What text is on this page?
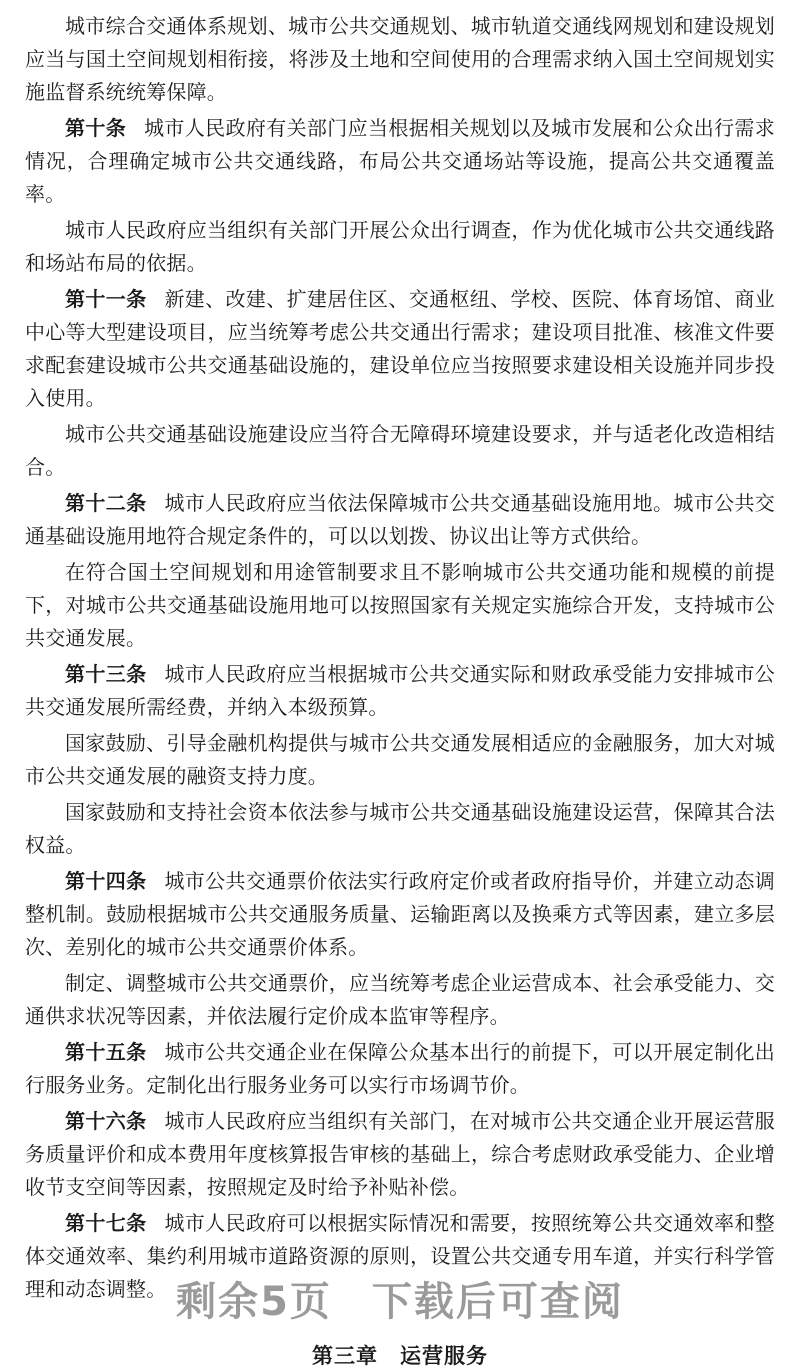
城市综合交通体系规划、城市公共交通规划、城市轨道交通线网规划和建设规划应当与国土空间规划相衔接，将涉及土地和空间使用的合理需求纳入国土空间规划实施监督系统统筹保障。

第十条 城市人民政府有关部门应当根据相关规划以及城市发展和公众出行需求情况，合理确定城市公共交通线路，布局公共交通场站等设施，提高公共交通覆盖率。

城市人民政府应当组织有关部门开展公众出行调查，作为优化城市公共交通线路和场站布局的依据。

第十一条 新建、改建、扩建居住区、交通枢纽、学校、医院、体育场馆、商业中心等大型建设项目，应当统筹考虑公共交通出行需求；建设项目批准、核准文件要求配套建设城市公共交通基础设施的，建设单位应当按照要求建设相关设施并同步投入使用。

城市公共交通基础设施建设应当符合无障碍环境建设要求，并与适老化改造相结合。

第十二条 城市人民政府应当依法保障城市公共交通基础设施用地。城市公共交通基础设施用地符合规定条件的，可以以划拨、协议出让等方式供给。

在符合国土空间规划和用途管制要求且不影响城市公共交通功能和规模的前提下，对城市公共交通基础设施用地可以按照国家有关规定实施综合开发，支持城市公共交通发展。

第十三条 城市人民政府应当根据城市公共交通实际和财政承受能力安排城市公共交通发展所需经费，并纳入本级预算。

国家鼓励、引导金融机构提供与城市公共交通发展相适应的金融服务，加大对城市公共交通发展的融资支持力度。

国家鼓励和支持社会资本依法参与城市公共交通基础设施建设运营，保障其合法权益。

第十四条 城市公共交通票价依法实行政府定价或者政府指导价，并建立动态调整机制。鼓励根据城市公共交通服务质量、运输距离以及换乘方式等因素，建立多层次、差别化的城市公共交通票价体系。

制定、调整城市公共交通票价，应当统筹考虑企业运营成本、社会承受能力、交通供求状况等因素，并依法履行定价成本监审等程序。

第十五条 城市公共交通企业在保障公众基本出行的前提下，可以开展定制化出行服务业务。定制化出行服务业务可以实行市场调节价。

第十六条 城市人民政府应当组织有关部门，在对城市公共交通企业开展运营服务质量评价和成本费用年度核算报告审核的基础上，综合考虑财政承受能力、企业增收节支空间等因素，按照规定及时给予补贴补偿。

第十七条 城市人民政府可以根据实际情况和需要，按照统筹公共交通效率和整体交通效率、集约利用城市道路资源的原则，设置公共交通专用车道，并实行科学管理和动态调整。

第三章 运营服务
剩余5页 下载后可查阅
